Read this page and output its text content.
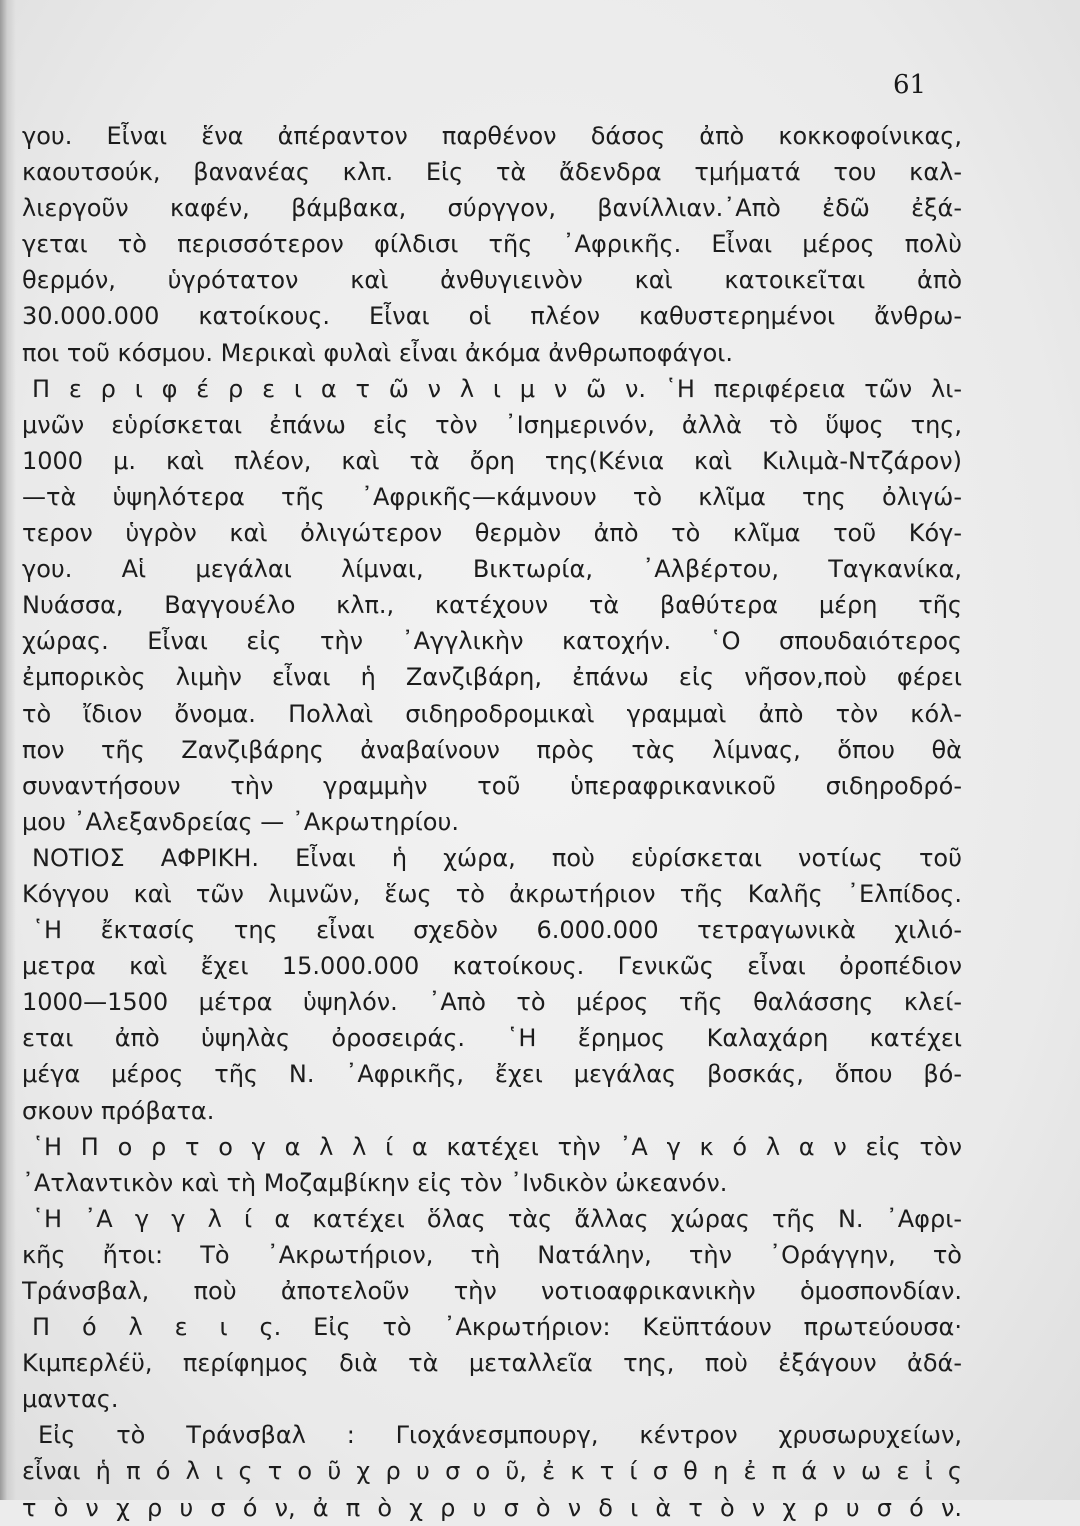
61
γου. Εἶναι ἕνα ἀπέραντον παρθένον δάσος ἀπὸ κοκκοφοίνικας,
καουτσούκ, βανανέας κλπ. Εἰς τὰ ἄδενδρα τμήματά του καλ-
λιεργοῦν καφέν, βάμβακα, σύργγον, βανίλλιαν.᾿Απὸ ἐδῶ ἐξά-
γεται τὸ περισσότερον φίλδισι τῆς ᾿Αφρικῆς. Εἶναι μέρος πολὺ
θερμόν, ὑγρότατον καὶ ἀνθυγιεινὸν καὶ κατοικεῖται ἀπὸ
30.000.000 κατοίκους. Εἶναι οἱ πλέον καθυστερημένοι ἄνθρω-
ποι τοῦ κόσμου. Μερικαὶ φυλαὶ εἶναι ἀκόμα ἀνθρωποφάγοι.
Π ε ρ ι φ έ ρ ε ι α τ ῶ ν λ ι μ ν ῶ ν. ῾Η περιφέρεια τῶν λι-
μνῶν εὑρίσκεται ἐπάνω εἰς τὸν ᾿Ισημερινόν, ἀλλὰ τὸ ὕψος της,
1000 μ. καὶ πλέον, καὶ τὰ ὄρη της(Κένια καὶ Κιλιμὰ-Ντζάρον)
—τὰ ὑψηλότερα τῆς ᾿Αφρικῆς—κάμνουν τὸ κλῖμα της ὀλιγώ-
τερον ὑγρὸν καὶ ὀλιγώτερον θερμὸν ἀπὸ τὸ κλῖμα τοῦ Κόγ-
γου. Αἱ μεγάλαι λίμναι, Βικτωρία, ᾿Αλβέρτου, Ταγκανίκα,
Νυάσσα, Βαγγουέλο κλπ., κατέχουν τὰ βαθύτερα μέρη τῆς
χώρας. Εἶναι εἰς τὴν ᾿Αγγλικὴν κατοχήν. ῾Ο σπουδαιότερος
ἐμπορικὸς λιμὴν εἶναι ἡ Ζανζιβάρη, ἐπάνω εἰς νῆσον,ποὺ φέρει
τὸ ἴδιον ὄνομα. Πολλαὶ σιδηροδρομικαὶ γραμμαὶ ἀπὸ τὸν κόλ-
πον τῆς Ζανζιβάρης ἀναβαίνουν πρὸς τὰς λίμνας, ὅπου θὰ
συναντήσουν τὴν γραμμὴν τοῦ ὑπεραφρικανικοῦ σιδηροδρό-
μου ᾿Αλεξανδρείας — ᾿Ακρωτηρίου.
ΝΟΤΙΟΣ ΑΦΡΙΚΗ. Εἶναι ἡ χώρα, ποὺ εὑρίσκεται νοτίως τοῦ
Κόγγου καὶ τῶν λιμνῶν, ἕως τὸ ἀκρωτήριον τῆς Καλῆς ᾿Ελπίδος.
῾Η ἔκτασίς της εἶναι σχεδὸν 6.000.000 τετραγωνικὰ χιλιό-
μετρα καὶ ἔχει 15.000.000 κατοίκους. Γενικῶς εἶναι ὀροπέδιον
1000—1500 μέτρα ὑψηλόν. ᾿Απὸ τὸ μέρος τῆς θαλάσσης κλεί-
εται ἀπὸ ὑψηλὰς ὀροσειράς. ῾Η ἔρημος Καλαχάρη κατέχει
μέγα μέρος τῆς Ν. ᾿Αφρικῆς, ἔχει μεγάλας βοσκάς, ὅπου βό-
σκουν πρόβατα.
῾Η Π ο ρ τ ο γ α λ λ ί α κατέχει τὴν ᾿Α γ κ ό λ α ν εἰς τὸν
᾿Ατλαντικὸν καὶ τὴ Μοζαμβίκην εἰς τὸν ᾿Ινδικὸν ὠκεανόν.
῾Η ᾿Α γ γ λ ί α κατέχει ὅλας τὰς ἄλλας χώρας τῆς Ν. ᾿Αφρι-
κῆς ἤτοι: Τὸ ᾿Ακρωτήριον, τὴ Νατάλην, τὴν ᾿Οράγγην, τὸ
Τράνσβαλ, ποὺ ἀποτελοῦν τὴν νοτιοαφρικανικὴν ὁμοσπονδίαν.
Π ό λ ε ι ς. Εἰς τὸ ᾿Ακρωτήριον: Κεϋπτάουν πρωτεύουσα·
Κιμπερλέϋ, περίφημος διὰ τὰ μεταλλεῖα της, ποὺ ἐξάγουν ἀδά-
μαντας.
Εἰς τὸ Τράνσβαλ : Γιοχάνεσμπουργ, κέντρον χρυσωρυχείων,
εἶναι ἡ π ό λ ι ς τ ο ῦ χ ρ υ σ ο ῦ, ἐ κ τ ί σ θ η ἐ π ά ν ω ε ἰ ς
τ ὸ ν χ ρ υ σ ό ν, ἀ π ὸ χ ρ υ σ ὸ ν δ ι ὰ τ ὸ ν χ ρ υ σ ό ν.
